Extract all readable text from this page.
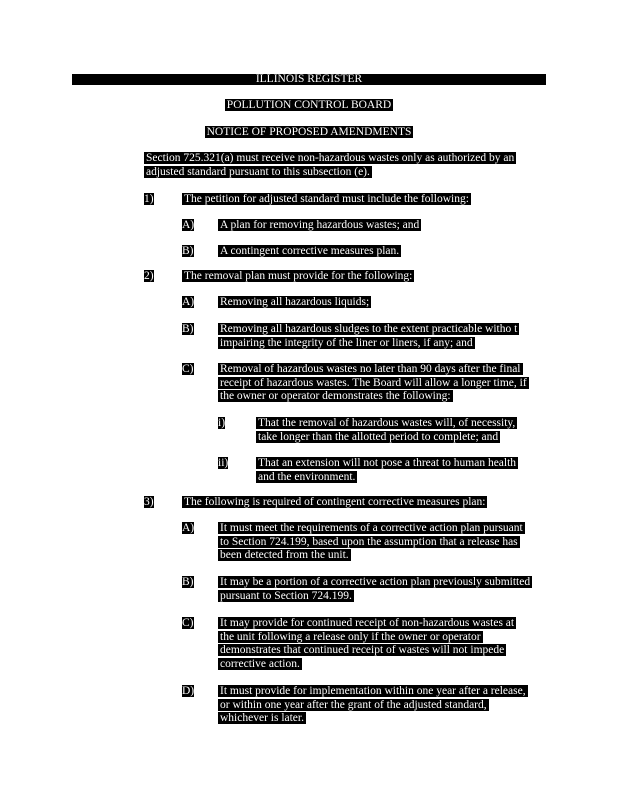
ILLINOIS REGISTER
POLLUTION CONTROL BOARD
NOTICE OF PROPOSED AMENDMENTS
Section 725.321(a) must receive non-hazardous wastes only as authorized by an
adjusted standard pursuant to this subsection (e).
1)	The petition for adjusted standard must include the following:
A) A plan for removing hazardous wastes; and
B) A contingent corrective measures plan.
2)	The removal plan must provide for the following:
A) Removing all hazardous liquids;
B) Removing all hazardous sludges to the extent practicable witho t
impairing the integrity of the liner or liners, if any; and
C) Removal of hazardous wastes no later than 90 days after the final
receipt of hazardous wastes. The Board will allow a longer time, if
the owner or operator demonstrates the following:
i)	That the removal of hazardous wastes will, of necessity,
take longer than the allotted period to complete; and
ii)	That an extension will not pose a threat to human health
and the environment.
3)	The following is required of contingent corrective measures plan:
A) It must meet the requirements of a corrective action plan pursuant
to Section 724.199, based upon the assumption that a release has
been detected from the unit.
B) It may be a portion of a corrective action plan previously submitted
pursuant to Section 724.199.
C) It may provide for continued receipt of non-hazardous wastes at
the unit following a release only if the owner or operator
demonstrates that continued receipt of wastes will not impede
corrective action.
D) It must provide for implementation within one year after a release,
or within one year after the grant of the adjusted standard,
whichever is later.
